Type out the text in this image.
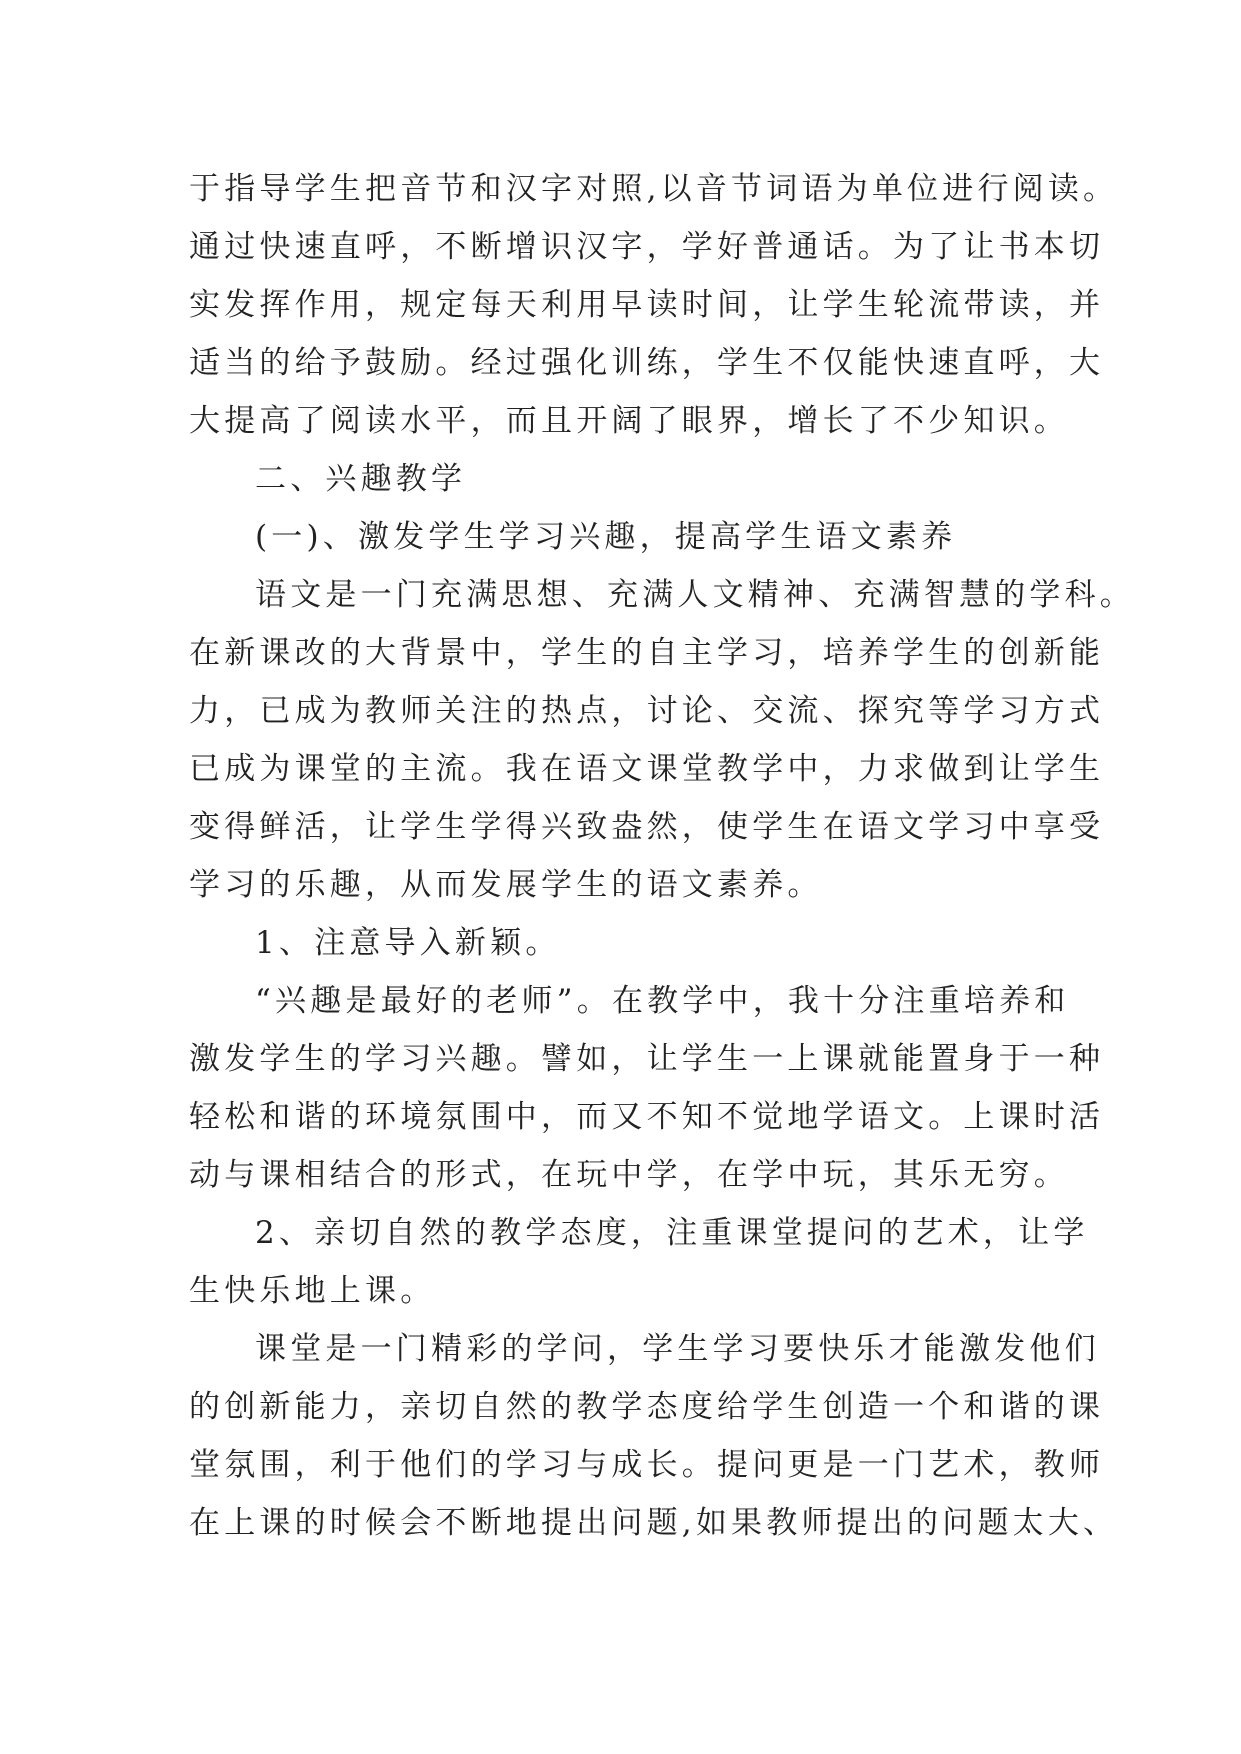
于指导学生把音节和汉字对照,以音节词语为单位进行阅读。
通过快速直呼，不断增识汉字，学好普通话。为了让书本切
实发挥作用，规定每天利用早读时间，让学生轮流带读，并
适当的给予鼓励。经过强化训练，学生不仅能快速直呼，大
大提高了阅读水平，而且开阔了眼界，增长了不少知识。
二、兴趣教学
(一)、激发学生学习兴趣，提高学生语文素养
语文是一门充满思想、充满人文精神、充满智慧的学科。
在新课改的大背景中，学生的自主学习，培养学生的创新能
力，已成为教师关注的热点，讨论、交流、探究等学习方式
已成为课堂的主流。我在语文课堂教学中，力求做到让学生
变得鲜活，让学生学得兴致盎然，使学生在语文学习中享受
学习的乐趣，从而发展学生的语文素养。
1、注意导入新颖。
“兴趣是最好的老师”。在教学中，我十分注重培养和
激发学生的学习兴趣。譬如，让学生一上课就能置身于一种
轻松和谐的环境氛围中，而又不知不觉地学语文。上课时活
动与课相结合的形式，在玩中学，在学中玩，其乐无穷。
2、亲切自然的教学态度，注重课堂提问的艺术，让学
生快乐地上课。
课堂是一门精彩的学问，学生学习要快乐才能激发他们
的创新能力，亲切自然的教学态度给学生创造一个和谐的课
堂氛围，利于他们的学习与成长。提问更是一门艺术，教师
在上课的时候会不断地提出问题,如果教师提出的问题太大、
